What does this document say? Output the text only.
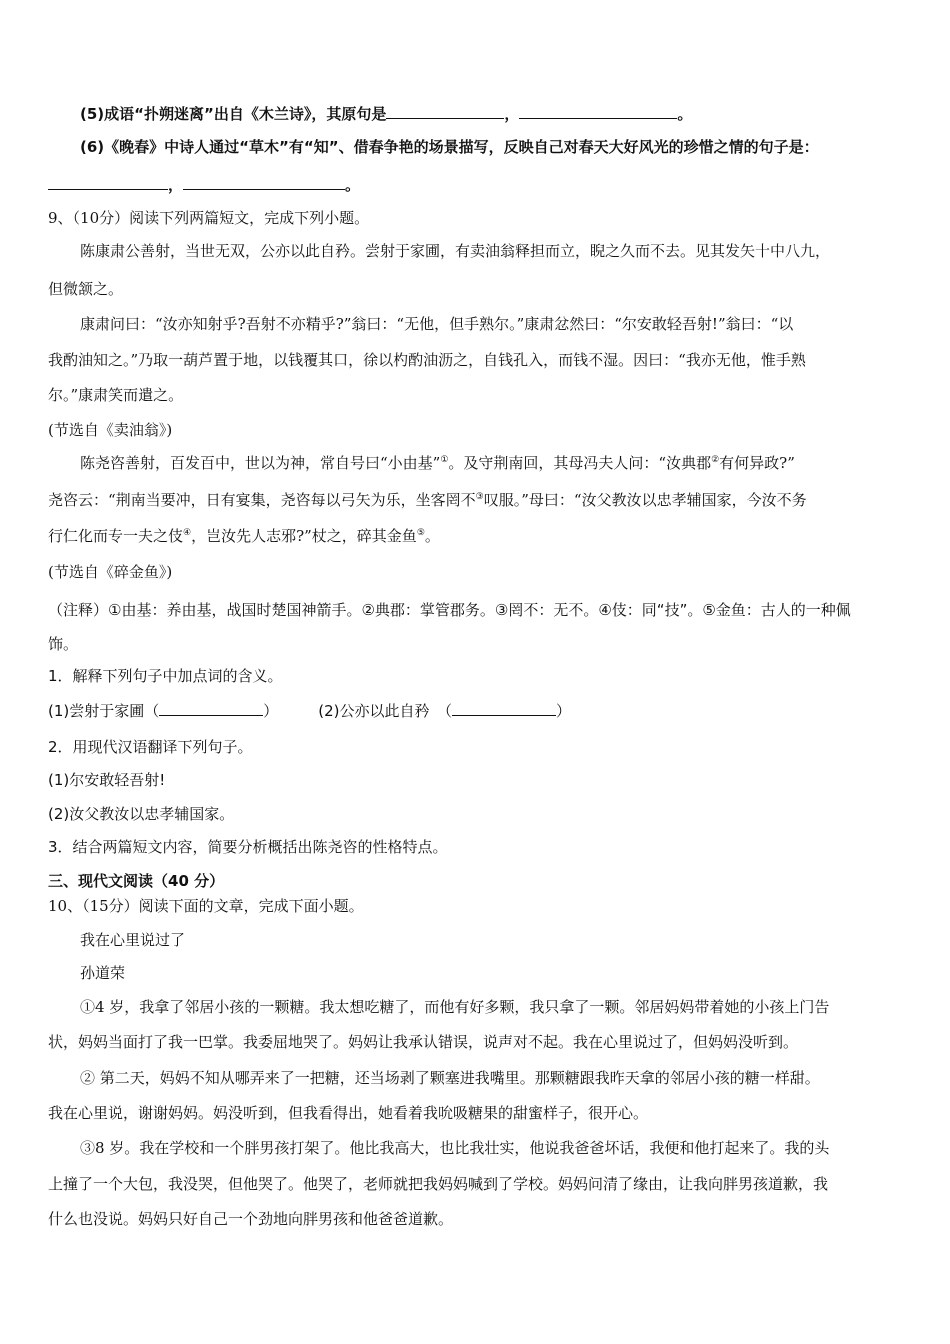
(5)成语“扑朔迷离”出自《木兰诗》，其原句是	，	。
(6)《晚春》中诗人通过“草木”有“知”、借春争艳的场景描写，反映自己对春天大好风光的珍惜之情的句子是：
，	。
9、（10分）阅读下列两篇短文，完成下列小题。
陈康肃公善射，当世无双，公亦以此自矜。尝射于家圃，有卖油翁释担而立，睨之久而不去。见其发矢十中八九，
但微颔之。
康肃问曰：“汝亦知射乎?吾射不亦精乎?”翁曰：“无他，但手熟尔。”康肃忿然曰：“尔安敢轻吾射!”翁曰：“以
我酌油知之。”乃取一葫芦置于地，以钱覆其口，徐以杓酌油沥之，自钱孔入，而钱不湿。因曰：“我亦无他，惟手熟
尔。”康肃笑而遣之。
(节选自《卖油翁》)
陈尧咨善射，百发百中，世以为神，常自号曰“小由基”①。及守荆南回，其母冯夫人问：“汝典郡②有何异政?”
尧咨云：“荆南当要冲，日有宴集，尧咨每以弓矢为乐，坐客罔不③叹服。”母曰：“汝父教汝以忠孝辅国家，今汝不务
行仁化而专一夫之伎④，岂汝先人志邪?”杖之，碎其金鱼⑤。
(节选自《碎金鱼》)
（注释）①由基：养由基，战国时楚国神箭手。②典郡：掌管郡务。③罔不：无不。④伎：同“技”。⑤金鱼：古人的一种佩
饰。
1．解释下列句子中加点词的含义。
(1)尝射于家圃（	）	(2)公亦以此自矜　（	）
2．用现代汉语翻译下列句子。
(1)尔安敢轻吾射!
(2)汝父教汝以忠孝辅国家。
3．结合两篇短文内容，简要分析概括出陈尧咨的性格特点。
三、现代文阅读（40 分）
10、（15分）阅读下面的文章，完成下面小题。
我在心里说过了
孙道荣
①4 岁，我拿了邻居小孩的一颗糖。我太想吃糖了，而他有好多颗，我只拿了一颗。邻居妈妈带着她的小孩上门告
状，妈妈当面打了我一巴掌。我委屈地哭了。妈妈让我承认错误，说声对不起。我在心里说过了，但妈妈没听到。
② 第二天，妈妈不知从哪弄来了一把糖，还当场剥了颗塞进我嘴里。那颗糖跟我昨天拿的邻居小孩的糖一样甜。
我在心里说，谢谢妈妈。妈没听到，但我看得出，她看着我吮吸糖果的甜蜜样子，很开心。
③8 岁。我在学校和一个胖男孩打架了。他比我高大，也比我壮实，他说我爸爸坏话，我便和他打起来了。我的头
上撞了一个大包，我没哭，但他哭了。他哭了，老师就把我妈妈喊到了学校。妈妈问清了缘由，让我向胖男孩道歉，我
什么也没说。妈妈只好自己一个劲地向胖男孩和他爸爸道歉。
